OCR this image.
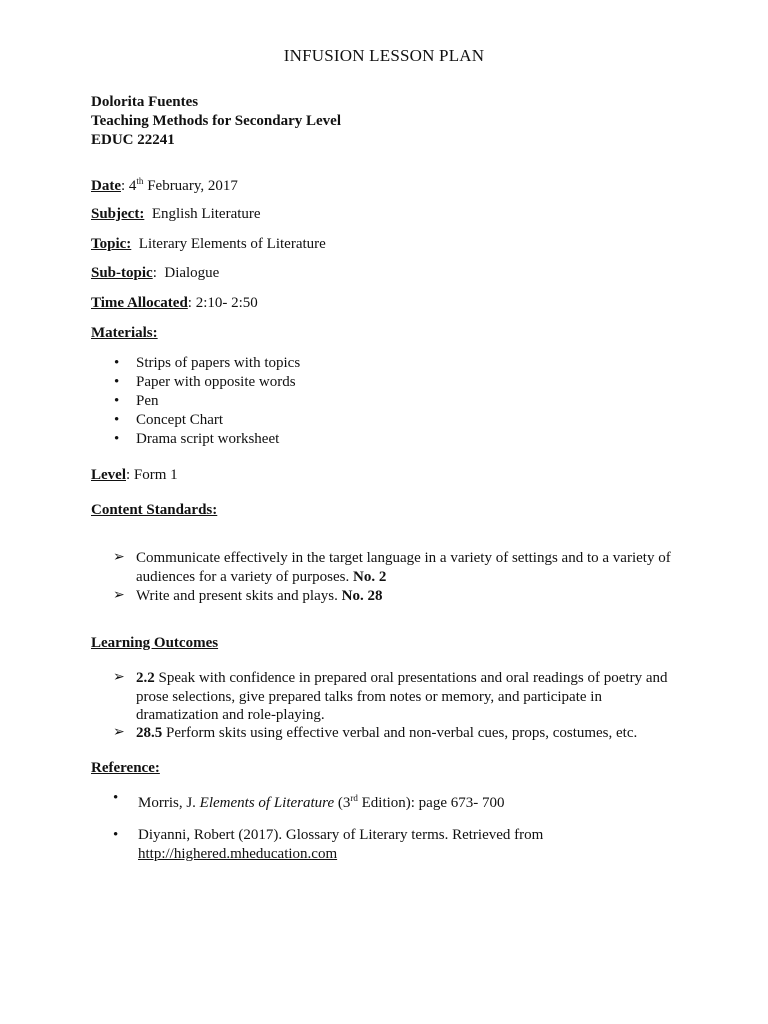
INFUSION LESSON PLAN
Dolorita Fuentes
Teaching Methods for Secondary Level
EDUC 22241
Date: 4th February, 2017
Subject: English Literature
Topic: Literary Elements of Literature
Sub-topic:  Dialogue
Time Allocated: 2:10- 2:50
Materials:
• Strips of papers with topics
• Paper with opposite words
• Pen
• Concept Chart
• Drama script worksheet
Level: Form 1
Content Standards:
➢ Communicate effectively in the target language in a variety of settings and to a variety of audiences for a variety of purposes. No. 2
➢ Write and present skits and plays. No. 28
Learning Outcomes
➢ 2.2 Speak with confidence in prepared oral presentations and oral readings of poetry and prose selections, give prepared talks from notes or memory, and participate in dramatization and role-playing.
➢ 28.5 Perform skits using effective verbal and non-verbal cues, props, costumes, etc.
Reference:
• Morris, J. Elements of Literature (3rd Edition): page 673- 700
• Diyanni, Robert (2017). Glossary of Literary terms. Retrieved from
http://highered.mheducation.com
